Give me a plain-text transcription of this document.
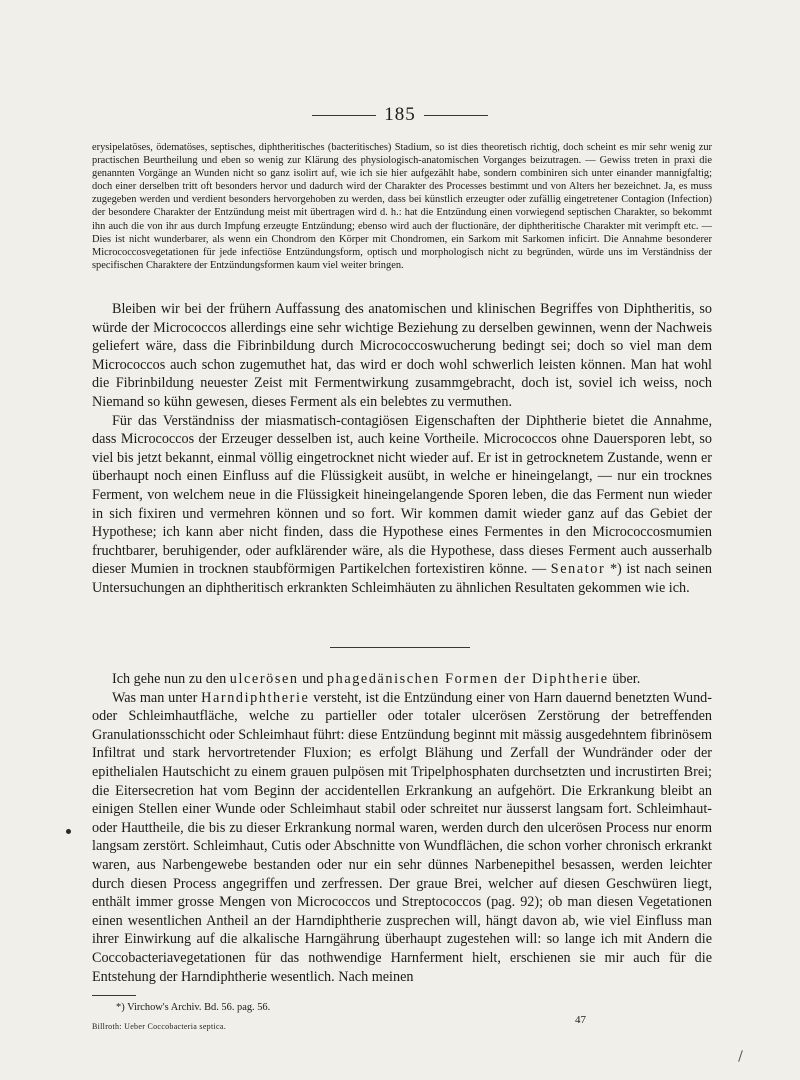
185

erysipelatöses, ödematöses, septisches, diphtheritisches (bacteritisches) Stadium, so ist dies theoretisch richtig, doch scheint es mir sehr wenig zur practischen Beurtheilung und eben so wenig zur Klärung des physiologisch-anatomischen Vorganges beizutragen. — Gewiss treten in praxi die genannten Vorgänge an Wunden nicht so ganz isolirt auf, wie ich sie hier aufgezählt habe, sondern combiniren sich unter einander mannigfaltig; doch einer derselben tritt oft besonders hervor und dadurch wird der Charakter des Processes bestimmt und von Alters her bezeichnet. Ja, es muss zugegeben werden und verdient besonders hervorgehoben zu werden, dass bei künstlich erzeugter oder zufällig eingetretener Contagion (Infection) der besondere Charakter der Entzündung meist mit übertragen wird d. h.: hat die Entzündung einen vorwiegend septischen Charakter, so bekommt ihn auch die von ihr aus durch Impfung erzeugte Entzündung; ebenso wird auch der fluctionäre, der diphtheritische Charakter mit verimpft etc. — Dies ist nicht wunderbarer, als wenn ein Chondrom den Körper mit Chondromen, ein Sarkom mit Sarkomen inficirt. Die Annahme besonderer Micrococcosvegetationen für jede infectiöse Entzündungsform, optisch und morphologisch nicht zu begründen, würde uns im Verständniss der specifischen Charaktere der Entzündungsformen kaum viel weiter bringen.

Bleiben wir bei der frühern Auffassung des anatomischen und klinischen Begriffes von Diphtheritis, so würde der Micrococcos allerdings eine sehr wichtige Beziehung zu derselben gewinnen, wenn der Nachweis geliefert wäre, dass die Fibrinbildung durch Micrococcoswucherung bedingt sei; doch so viel man dem Micrococcos auch schon zugemuthet hat, das wird er doch wohl schwerlich leisten können. Man hat wohl die Fibrinbildung neuester Zeist mit Fermentwirkung zusammgebracht, doch ist, soviel ich weiss, noch Niemand so kühn gewesen, dieses Ferment als ein belebtes zu vermuthen.

Für das Verständniss der miasmatisch-contagiösen Eigenschaften der Diphtherie bietet die Annahme, dass Micrococcos der Erzeuger desselben ist, auch keine Vortheile. Micrococcos ohne Dauersporen lebt, so viel bis jetzt bekannt, einmal völlig eingetrocknet nicht wieder auf. Er ist in getrocknetem Zustande, wenn er überhaupt noch einen Einfluss auf die Flüssigkeit ausübt, in welche er hineingelangt, — nur ein trocknes Ferment, von welchem neue in die Flüssigkeit hineingelangende Sporen leben, die das Ferment nun wieder in sich fixiren und vermehren können und so fort. Wir kommen damit wieder ganz auf das Gebiet der Hypothese; ich kann aber nicht finden, dass die Hypothese eines Fermentes in den Micrococcosmumien fruchtbarer, beruhigender, oder aufklärender wäre, als die Hypothese, dass dieses Ferment auch ausserhalb dieser Mumien in trocknen staubförmigen Partikelchen fortexistiren könne. — Senator *) ist nach seinen Untersuchungen an diphtheritisch erkrankten Schleimhäuten zu ähnlichen Resultaten gekommen wie ich.

Ich gehe nun zu den ulcerösen und phagedänischen Formen der Diphtherie über.

Was man unter Harndiphtherie versteht, ist die Entzündung einer von Harn dauernd benetzten Wund- oder Schleimhautfläche, welche zu partieller oder totaler ulcerösen Zerstörung der betreffenden Granulationsschicht oder Schleimhaut führt: diese Entzündung beginnt mit mässig ausgedehntem fibrinösem Infiltrat und stark hervortretender Fluxion; es erfolgt Blähung und Zerfall der Wundränder oder der epithelialen Hautschicht zu einem grauen pulpösen mit Tripelphosphaten durchsetzten und incrustirten Brei; die Eitersecretion hat vom Beginn der accidentellen Erkrankung an aufgehört. Die Erkrankung bleibt an einigen Stellen einer Wunde oder Schleimhaut stabil oder schreitet nur äusserst langsam fort. Schleimhaut- oder Hauttheile, die bis zu dieser Erkrankung normal waren, werden durch den ulcerösen Process nur enorm langsam zerstört. Schleimhaut, Cutis oder Abschnitte von Wundflächen, die schon vorher chronisch erkrankt waren, aus Narbengewebe bestanden oder nur ein sehr dünnes Narbenepithel besassen, werden leichter durch diesen Process angegriffen und zerfressen. Der graue Brei, welcher auf diesen Geschwüren liegt, enthält immer grosse Mengen von Micrococcos und Streptococcos (pag. 92); ob man diesen Vegetationen einen wesentlichen Antheil an der Harndiphtherie zusprechen will, hängt davon ab, wie viel Einfluss man ihrer Einwirkung auf die alkalische Harngährung überhaupt zugestehen will: so lange ich mit Andern die Coccobacteriavegetationen für das nothwendige Harnferment hielt, erschienen sie mir auch für die Entstehung der Harndiphtherie wesentlich. Nach meinen

*) Virchow's Archiv. Bd. 56. pag. 56.
Billroth: Ueber Coccobacteria septica.
47
